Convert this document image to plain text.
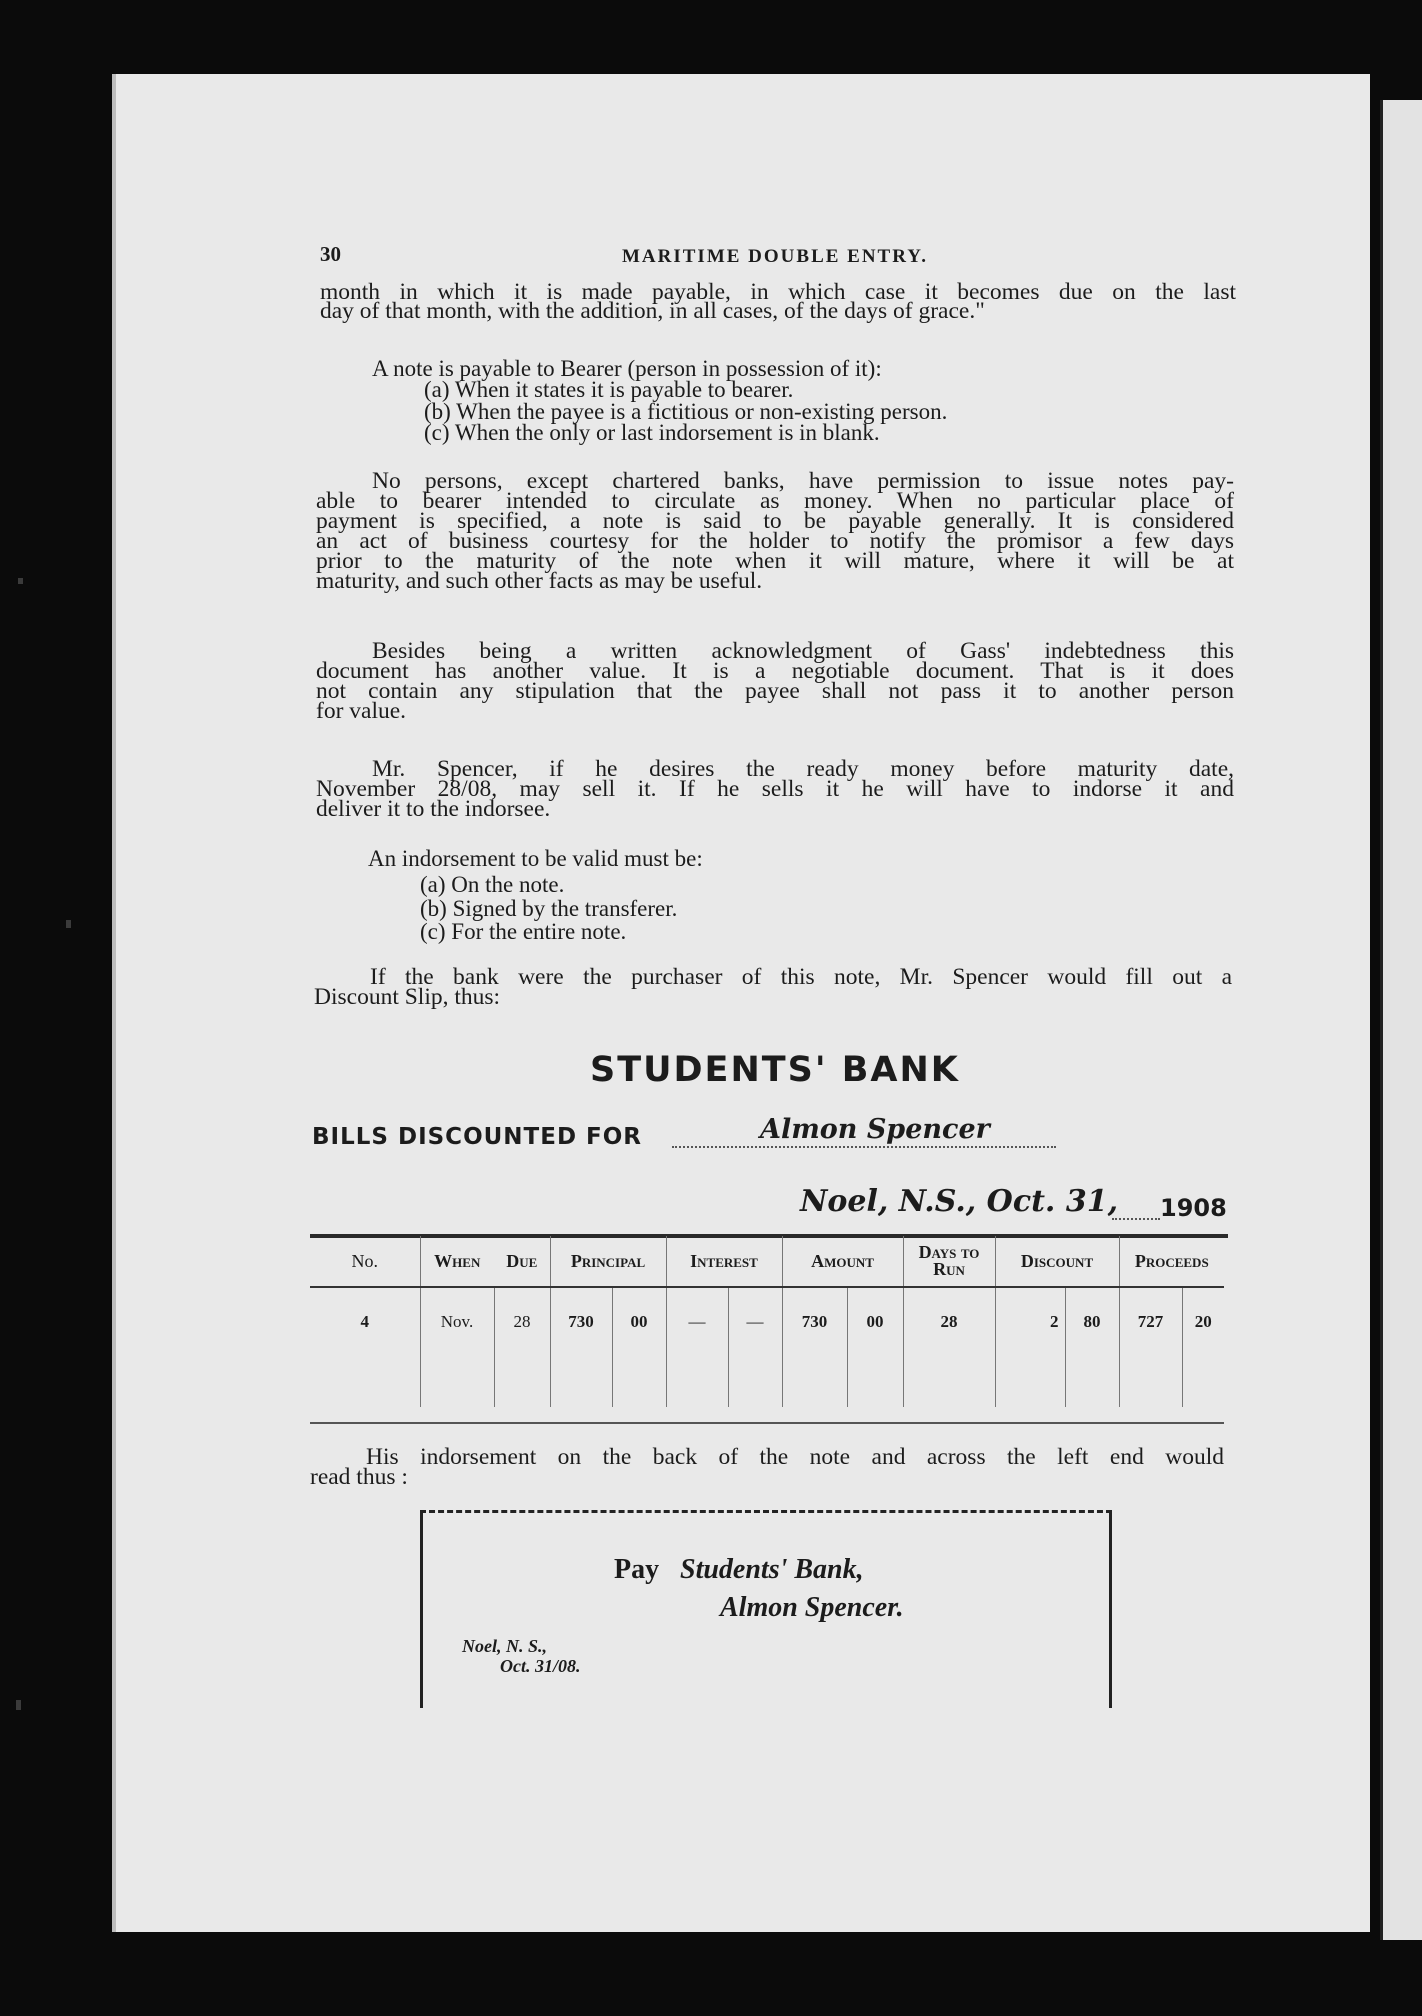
30	MARITIME DOUBLE ENTRY.
month in which it is made payable, in which case it becomes due on the last
day of that month, with the addition, in all cases, of the days of grace."
A note is payable to Bearer (person in possession of it):
(a) When it states it is payable to bearer.
(b) When the payee is a fictitious or non-existing person.
(c) When the only or last indorsement is in blank.
No persons, except chartered banks, have permission to issue notes pay-
able to bearer intended to circulate as money. When no particular place of
payment is specified, a note is said to be payable generally. It is considered
an act of business courtesy for the holder to notify the promisor a few days
prior to the maturity of the note when it will mature, where it will be at
maturity, and such other facts as may be useful.
Besides being a written acknowledgment of Gass' indebtedness this
document has another value. It is a negotiable document. That is it does
not contain any stipulation that the payee shall not pass it to another person
for value.
Mr. Spencer, if he desires the ready money before maturity date,
November 28/08, may sell it. If he sells it he will have to indorse it and
deliver it to the indorsee.
An indorsement to be valid must be:
(a) On the note.
(b) Signed by the transferer.
(c) For the entire note.
If the bank were the purchaser of this note, Mr. Spencer would fill out a
Discount Slip, thus:
STUDENTS' BANK
BILLS DISCOUNTED FOR	Almon Spencer
Noel, N.S., Oct. 31, 1908
No.	When	Due	Principal		Interest		Amount		Days to
Run	Discount		Proceeds	
4	Nov.	28	730	00	—	—	730	00	28	2	80	727	20
His indorsement on the back of the note and across the left end would
read thus :
Pay Students' Bank,
Almon Spencer.
Noel, N. S.,
Oct. 31/08.
